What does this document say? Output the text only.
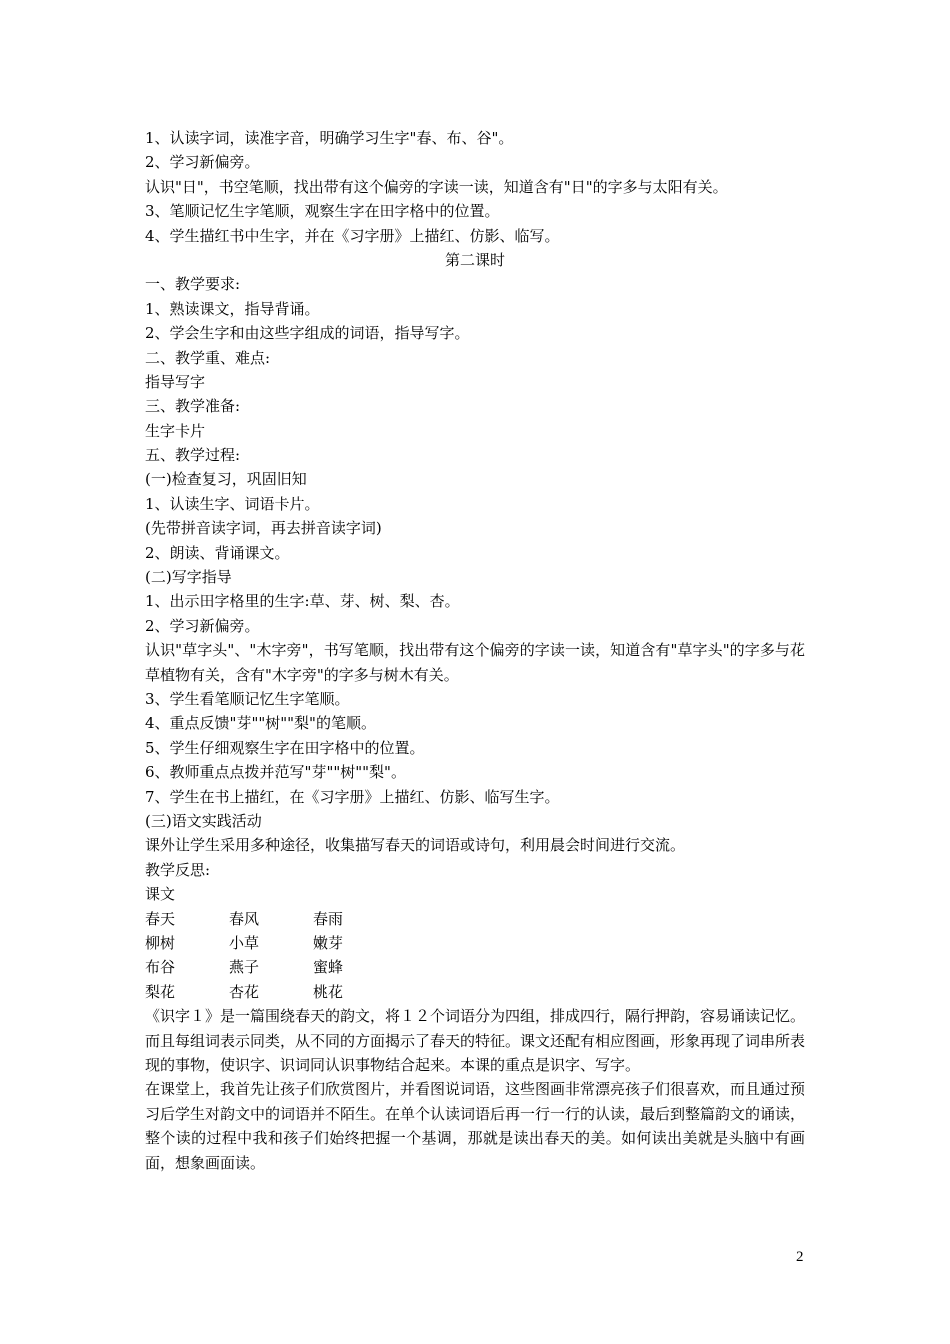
1、认读字词，读准字音，明确学习生字"春、布、谷"。
2、学习新偏旁。
认识"日"，书空笔顺，找出带有这个偏旁的字读一读，知道含有"日"的字多与太阳有关。
3、笔顺记忆生字笔顺，观察生字在田字格中的位置。
4、学生描红书中生字，并在《习字册》上描红、仿影、临写。
第二课时
一、教学要求:
1、熟读课文，指导背诵。
2、学会生字和由这些字组成的词语，指导写字。
二、教学重、难点:
指导写字
三、教学准备:
生字卡片
五、教学过程:
(一)检查复习，巩固旧知
1、认读生字、词语卡片。
(先带拼音读字词，再去拼音读字词)
2、朗读、背诵课文。
(二)写字指导
1、出示田字格里的生字:草、芽、树、梨、杏。
2、学习新偏旁。
认识"草字头"、"木字旁"，书写笔顺，找出带有这个偏旁的字读一读，知道含有"草字头"的字多与花草植物有关，含有"木字旁"的字多与树木有关。
3、学生看笔顺记忆生字笔顺。
4、重点反馈"芽""树""梨"的笔顺。
5、学生仔细观察生字在田字格中的位置。
6、教师重点点拨并范写"芽""树""梨"。
7、学生在书上描红，在《习字册》上描红、仿影、临写生字。
(三)语文实践活动
课外让学生采用多种途径，收集描写春天的词语或诗句，利用晨会时间进行交流。
教学反思:
课文
春天	春风	春雨
柳树	小草	嫩芽
布谷	燕子	蜜蜂
梨花	杏花	桃花
《识字１》是一篇围绕春天的韵文，将１２个词语分为四组，排成四行，隔行押韵，容易诵读记忆。而且每组词表示同类，从不同的方面揭示了春天的特征。课文还配有相应图画，形象再现了词串所表现的事物，使识字、识词同认识事物结合起来。本课的重点是识字、写字。
在课堂上，我首先让孩子们欣赏图片，并看图说词语，这些图画非常漂亮孩子们很喜欢，而且通过预习后学生对韵文中的词语并不陌生。在单个认读词语后再一行一行的认读，最后到整篇韵文的诵读，整个读的过程中我和孩子们始终把握一个基调，那就是读出春天的美。如何读出美就是头脑中有画面，想象画面读。
2
